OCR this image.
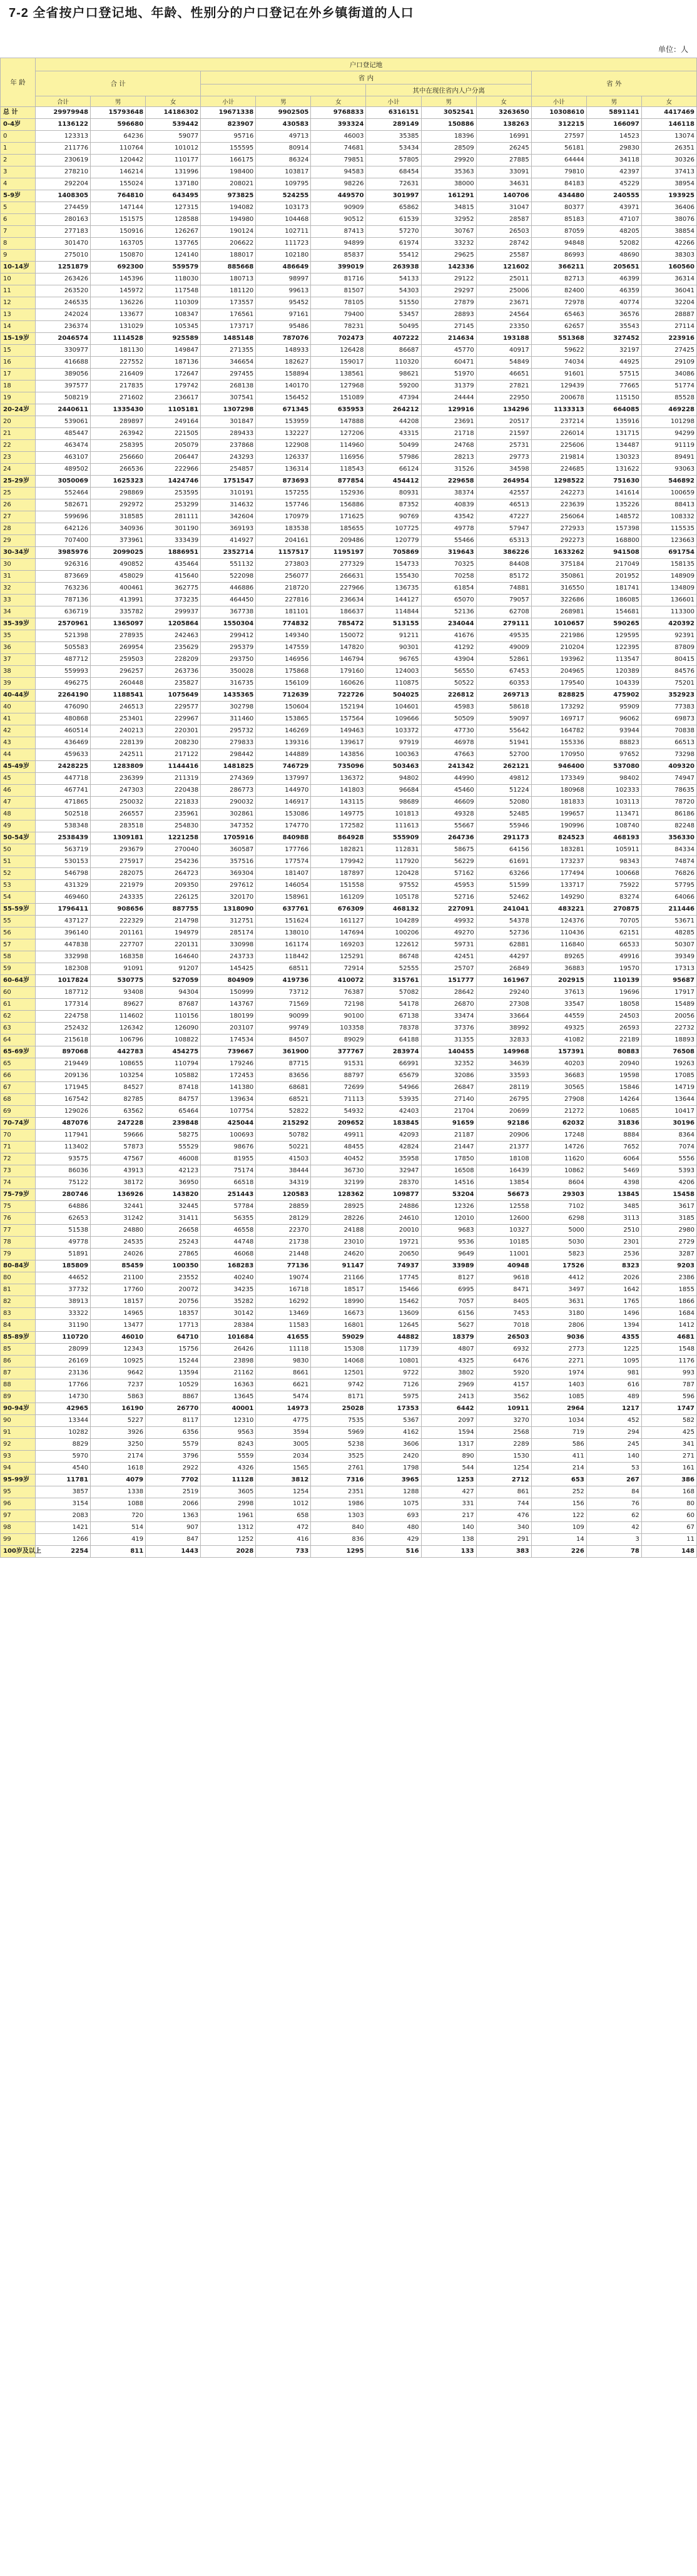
7-2 全省按户口登记地、年龄、性别分的户口登记在外乡镇街道的人口
单位：人
年 龄	户口登记地											
	合 计			省 内						省 外		
							其中在现住省内人户分离					
	合计	男	女	小计	男	女	小计	男	女	小计	男	女
总 计	29979948	15793648	14186302	19671338	9902505	9768833	6316151	3052541	3263650	10308610	5891141	4417469
0-4岁	1136122	596680	539442	823907	430583	393324	289149	150886	138263	312215	166097	146118
0	123313	64236	59077	95716	49713	46003	35385	18396	16991	27597	14523	13074
1	211776	110764	101012	155595	80914	74681	53434	28509	26245	56181	29830	26351
2	230619	120442	110177	166175	86324	79851	57805	29920	27885	64444	34118	30326
3	278210	146214	131996	198400	103817	94583	68454	35363	33091	79810	42397	37413
4	292204	155024	137180	208021	109795	98226	72631	38000	34631	84183	45229	38954
5-9岁	1408305	764810	643495	973825	524255	449570	301997	161291	140706	434480	240555	193925
5	274459	147144	127315	194082	103173	90909	65862	34815	31047	80377	43971	36406
6	280163	151575	128588	194980	104468	90512	61539	32952	28587	85183	47107	38076
7	277183	150916	126267	190124	102711	87413	57270	30767	26503	87059	48205	38854
8	301470	163705	137765	206622	111723	94899	61974	33232	28742	94848	52082	42266
9	275010	150870	124140	188017	102180	85837	55412	29625	25587	86993	48690	38303
10-14岁	1251879	692300	559579	885668	486649	399019	263938	142336	121602	366211	205651	160560
10	263426	145396	118030	180713	98997	81716	54133	29122	25011	82713	46399	36314
11	263520	145972	117548	181120	99613	81507	54303	29297	25006	82400	46359	36041
12	246535	136226	110309	173557	95452	78105	51550	27879	23671	72978	40774	32204
13	242024	133677	108347	176561	97161	79400	53457	28893	24564	65463	36576	28887
14	236374	131029	105345	173717	95486	78231	50495	27145	23350	62657	35543	27114
15-19岁	2046574	1114528	925589	1485148	787076	702473	407222	214634	193188	551368	327452	223916
15	330977	181130	149847	271355	148933	126428	86687	45770	40917	59622	32197	27425
16	416688	227552	187136	346654	182627	159017	110320	60471	54849	74034	44925	29109
17	389056	216409	172647	297455	158894	138561	98621	51970	46651	91601	57515	34086
18	397577	217835	179742	268138	140170	127968	59200	31379	27821	129439	77665	51774
19	508219	271602	236617	307541	156452	151089	47394	24444	22950	200678	115150	85528
20-24岁	2440611	1335430	1105181	1307298	671345	635953	264212	129916	134296	1133313	664085	469228
20	539061	289897	249164	301847	153959	147888	44208	23691	20517	237214	135916	101298
21	485447	263942	221505	289433	132227	127206	43315	21718	21597	226014	131715	94299
22	463474	258395	205079	237868	122908	114960	50499	24768	25731	225606	134487	91119
23	463107	256660	206447	243293	126337	116956	57986	28213	29773	219814	130323	89491
24	489502	266536	222966	254857	136314	118543	66124	31526	34598	224685	131622	93063
25-29岁	3050069	1625323	1424746	1751547	873693	877854	454412	229658	264954	1298522	751630	546892
25	552464	298869	253595	310191	157255	152936	80931	38374	42557	242273	141614	100659
26	582671	292972	253299	314632	157746	156886	87352	40839	46513	223639	135226	88413
27	599696	318585	281111	342604	170979	171625	90769	43542	47227	256064	148572	108332
28	642126	340936	301190	369193	183538	185655	107725	49778	57947	272933	157398	115535
29	707400	373961	333439	414927	204161	209486	120779	55466	65313	292273	168800	123663
30-34岁	3985976	2099025	1886951	2352714	1157517	1195197	705869	319643	386226	1633262	941508	691754
30	926316	490852	435464	551132	273803	277329	154733	70325	84408	375184	217049	158135
31	873669	458029	415640	522098	256077	266631	155430	70258	85172	350861	201952	148909
32	763236	400461	362775	446886	218720	227966	136735	61854	74881	316550	181741	134809
33	787136	413991	373235	464450	227816	236634	144127	65070	79057	322686	186085	136601
34	636719	335782	299937	367738	181101	186637	114844	52136	62708	268981	154681	113300
35-39岁	2570961	1365097	1205864	1550304	774832	785472	513155	234044	279111	1010657	590265	420392
35	521398	278935	242463	299412	149340	150072	91211	41676	49535	221986	129595	92391
36	505583	269954	235629	295379	147559	147820	90301	41292	49009	210204	122395	87809
37	487712	259503	228209	293750	146956	146794	96765	43904	52861	193962	113547	80415
38	559993	296257	263736	350028	175868	179160	124003	56550	67453	204965	120389	84576
39	496275	260448	235827	316735	156109	160626	110875	50522	60353	179540	104339	75201
40-44岁	2264190	1188541	1075649	1435365	712639	722726	504025	226812	269713	828825	475902	352923
40	476090	246513	229577	302798	150604	152194	104601	45983	58618	173292	95909	77383
41	480868	253401	229967	311460	153865	157564	109666	50509	59097	169717	96062	69873
42	460514	240213	220301	295732	146269	149463	103372	47730	55642	164782	93944	70838
43	436469	228139	208230	279833	139316	139617	97919	46978	51941	155336	88823	66513
44	459633	242511	217122	298442	144889	143856	100363	47663	52700	170950	97652	73298
45-49岁	2428225	1283809	1144416	1481825	746729	735096	503463	241342	262121	946400	537080	409320
45	447718	236399	211319	274369	137997	136372	94802	44990	49812	173349	98402	74947
46	467741	247303	220438	286773	144970	141803	96684	45460	51224	180968	102333	78635
47	471865	250032	221833	290032	146917	143115	98689	46609	52080	181833	103113	78720
48	502518	266557	235961	302861	153086	149775	101813	49328	52485	199657	113471	86186
49	538348	283518	254830	347352	174770	172582	111613	55667	55946	190996	108740	82248
50-54岁	2538439	1309181	1221258	1705916	840988	864928	555909	264736	291173	824523	468193	356330
50	563719	293679	270040	360587	177766	182821	112831	58675	64156	183281	105911	84334
51	530153	275917	254236	357516	177574	179942	117920	56229	61691	173237	98343	74874
52	546798	282075	264723	369304	181407	187897	120428	57162	63266	177494	100668	76826
53	431329	221979	209350	297612	146054	151558	97552	45953	51599	133717	75922	57795
54	469460	243335	226125	320170	158961	161209	105178	52716	52462	149290	83274	64066
55-59岁	1796411	908656	887755	1318090	637761	676309	468132	227091	241041	483221	270875	211446
55	437127	222329	214798	312751	151624	161127	104289	49932	54378	124376	70705	53671
56	396140	201161	194979	285174	138010	147694	100206	49270	52736	110436	62151	48285
57	447838	227707	220131	330998	161174	169203	122612	59731	62881	116840	66533	50307
58	332998	168358	164640	243733	118442	125291	86748	42451	44297	89265	49916	39349
59	182308	91091	91207	145425	68511	72914	52555	25707	26849	36883	19570	17313
60-64岁	1017824	530775	527059	804909	419736	410072	315761	151777	161967	202915	110139	95687
60	187712	93408	94304	150999	73712	76387	57082	28642	29240	37613	19696	17917
61	177314	89627	87687	143767	71569	72198	54178	26870	27308	33547	18058	15489
62	224758	114602	110156	180199	90099	90100	67138	33474	33664	44559	24503	20056
63	252432	126342	126090	203107	99749	103358	78378	37376	38992	49325	26593	22732
64	215618	106796	108822	174534	84507	89029	64188	31355	32833	41082	22189	18893
65-69岁	897068	442783	454275	739667	361900	377767	283974	140455	149968	157391	80883	76508
65	219449	108655	110794	179246	87715	91531	66991	32352	34639	40203	20940	19263
66	209136	103254	105882	172453	83656	88797	65679	32086	33593	36683	19598	17085
67	171945	84527	87418	141380	68681	72699	54966	26847	28119	30565	15846	14719
68	167542	82785	84757	139634	68521	71113	53935	27140	26795	27908	14264	13644
69	129026	63562	65464	107754	52822	54932	42403	21704	20699	21272	10685	10417
70-74岁	487076	247228	239848	425044	215292	209652	183845	91659	92186	62032	31836	30196
70	117941	59666	58275	100693	50782	49911	42093	21187	20906	17248	8884	8364
71	113402	57873	55529	98676	50221	48455	42824	21447	21377	14726	7652	7074
72	93575	47567	46008	81955	41503	40452	35958	17850	18108	11620	6064	5556
73	86036	43913	42123	75174	38444	36730	32947	16508	16439	10862	5469	5393
74	75122	38172	36950	66518	34319	32199	28370	14516	13854	8604	4398	4206
75-79岁	280746	136926	143820	251443	120583	128362	109877	53204	56673	29303	13845	15458
75	64886	32441	32445	57784	28859	28925	24886	12326	12558	7102	3485	3617
76	62653	31242	31411	56355	28129	28226	24610	12010	12600	6298	3113	3185
77	51538	24880	26658	46558	22370	24188	20010	9683	10327	5000	2510	2980
78	49778	24535	25243	44748	21738	23010	19721	9536	10185	5030	2301	2729
79	51891	24026	27865	46068	21448	24620	20650	9649	11001	5823	2536	3287
80-84岁	185809	85459	100350	168283	77136	91147	74937	33989	40948	17526	8323	9203
80	44652	21100	23552	40240	19074	21166	17745	8127	9618	4412	2026	2386
81	37732	17760	20072	34235	16718	18517	15466	6995	8471	3497	1642	1855
82	38913	18157	20756	35282	16292	18990	15462	7057	8405	3631	1765	1866
83	33322	14965	18357	30142	13469	16673	13609	6156	7453	3180	1496	1684
84	31190	13477	17713	28384	11583	16801	12645	5627	7018	2806	1394	1412
85-89岁	110720	46010	64710	101684	41655	59029	44882	18379	26503	9036	4355	4681
85	28099	12343	15756	26426	11118	15308	11739	4807	6932	2773	1225	1548
86	26169	10925	15244	23898	9830	14068	10801	4325	6476	2271	1095	1176
87	23136	9642	13594	21162	8661	12501	9722	3802	5920	1974	981	993
88	17766	7237	10529	16363	6621	9742	7126	2969	4157	1403	616	787
89	14730	5863	8867	13645	5474	8171	5975	2413	3562	1085	489	596
90-94岁	42965	16190	26770	40001	14973	25028	17353	6442	10911	2964	1217	1747
90	13344	5227	8117	12310	4775	7535	5367	2097	3270	1034	452	582
91	10282	3926	6356	9563	3594	5969	4162	1594	2568	719	294	425
92	8829	3250	5579	8243	3005	5238	3606	1317	2289	586	245	341
93	5970	2174	3796	5559	2034	3525	2420	890	1530	411	140	271
94	4540	1618	2922	4326	1565	2761	1798	544	1254	214	53	161
95-99岁	11781	4079	7702	11128	3812	7316	3965	1253	2712	653	267	386
95	3857	1338	2519	3605	1254	2351	1288	427	861	252	84	168
96	3154	1088	2066	2998	1012	1986	1075	331	744	156	76	80
97	2083	720	1363	1961	658	1303	693	217	476	122	62	60
98	1421	514	907	1312	472	840	480	140	340	109	42	67
99	1266	419	847	1252	416	836	429	138	291	14	3	11
100岁及以上	2254	811	1443	2028	733	1295	516	133	383	226	78	148
